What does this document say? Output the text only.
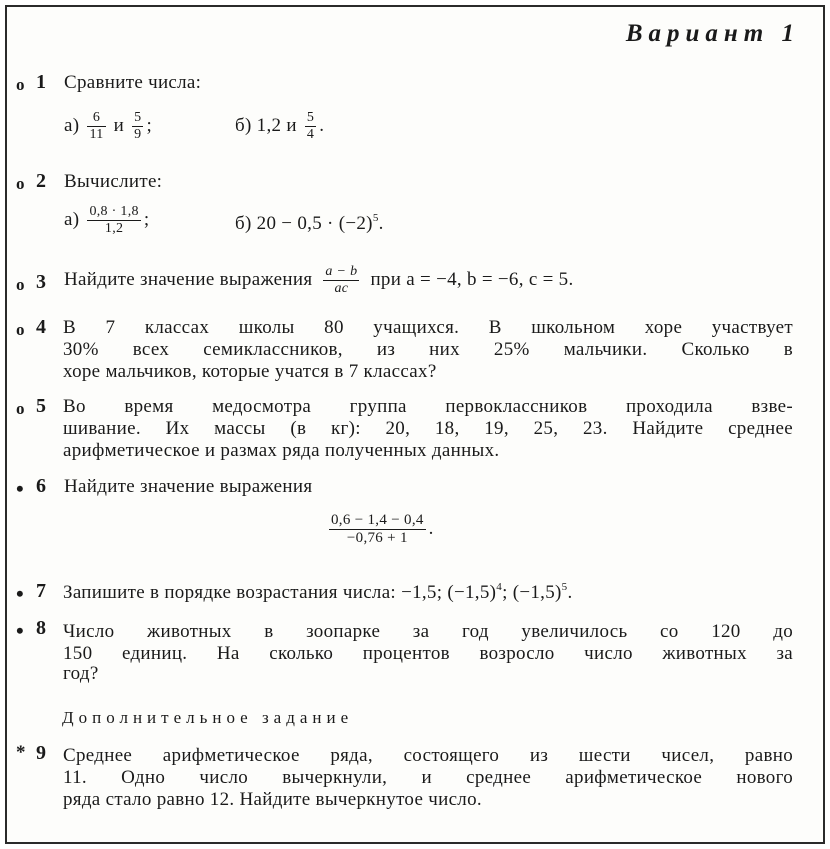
Вариант 1
o 1 Сравните числа:
$а) \frac{6}{11}$ и $\frac{5}{9}$ ;	б) 1,2 и $\frac{5}{4}$ .
o 2 Вычислите:
$а) \frac{0,8 \cdot 1,8}{1,2}$ ;	б) $20 - 0,5 \cdot (-2)^5$.
o 3 Найдите значение выражения $\frac{a - b}{ac}$ при a = −4, b = −6, c = 5.
o 4 В 7 классах школы 80 учащихся. В школьном хоре участвует
30% всех семиклассников, из них 25% мальчики. Сколько в
хоре мальчиков, которые учатся в 7 классах?
o 5 Во время медосмотра группа первоклассников проходила взве-
шивание. Их массы (в кг): 20, 18, 19, 25, 23. Найдите среднее
арифметическое и размах ряда полученных данных.
• 6 Найдите значение выражения
$\frac{0,6 - 1,4 - 0,4}{-0,76 + 1}$ .
• 7 Запишите в порядке возрастания числа: −1,5; $(-1,5)^4$; $(-1,5)^5$.
• 8 Число животных в зоопарке за год увеличилось со 120 до
150 единиц. На сколько процентов возросло число животных за
год?
Дополнительное задание
* 9 Среднее арифметическое ряда, состоящего из шести чисел, равно
11. Одно число вычеркнули, и среднее арифметическое нового
ряда стало равно 12. Найдите вычеркнутое число.
